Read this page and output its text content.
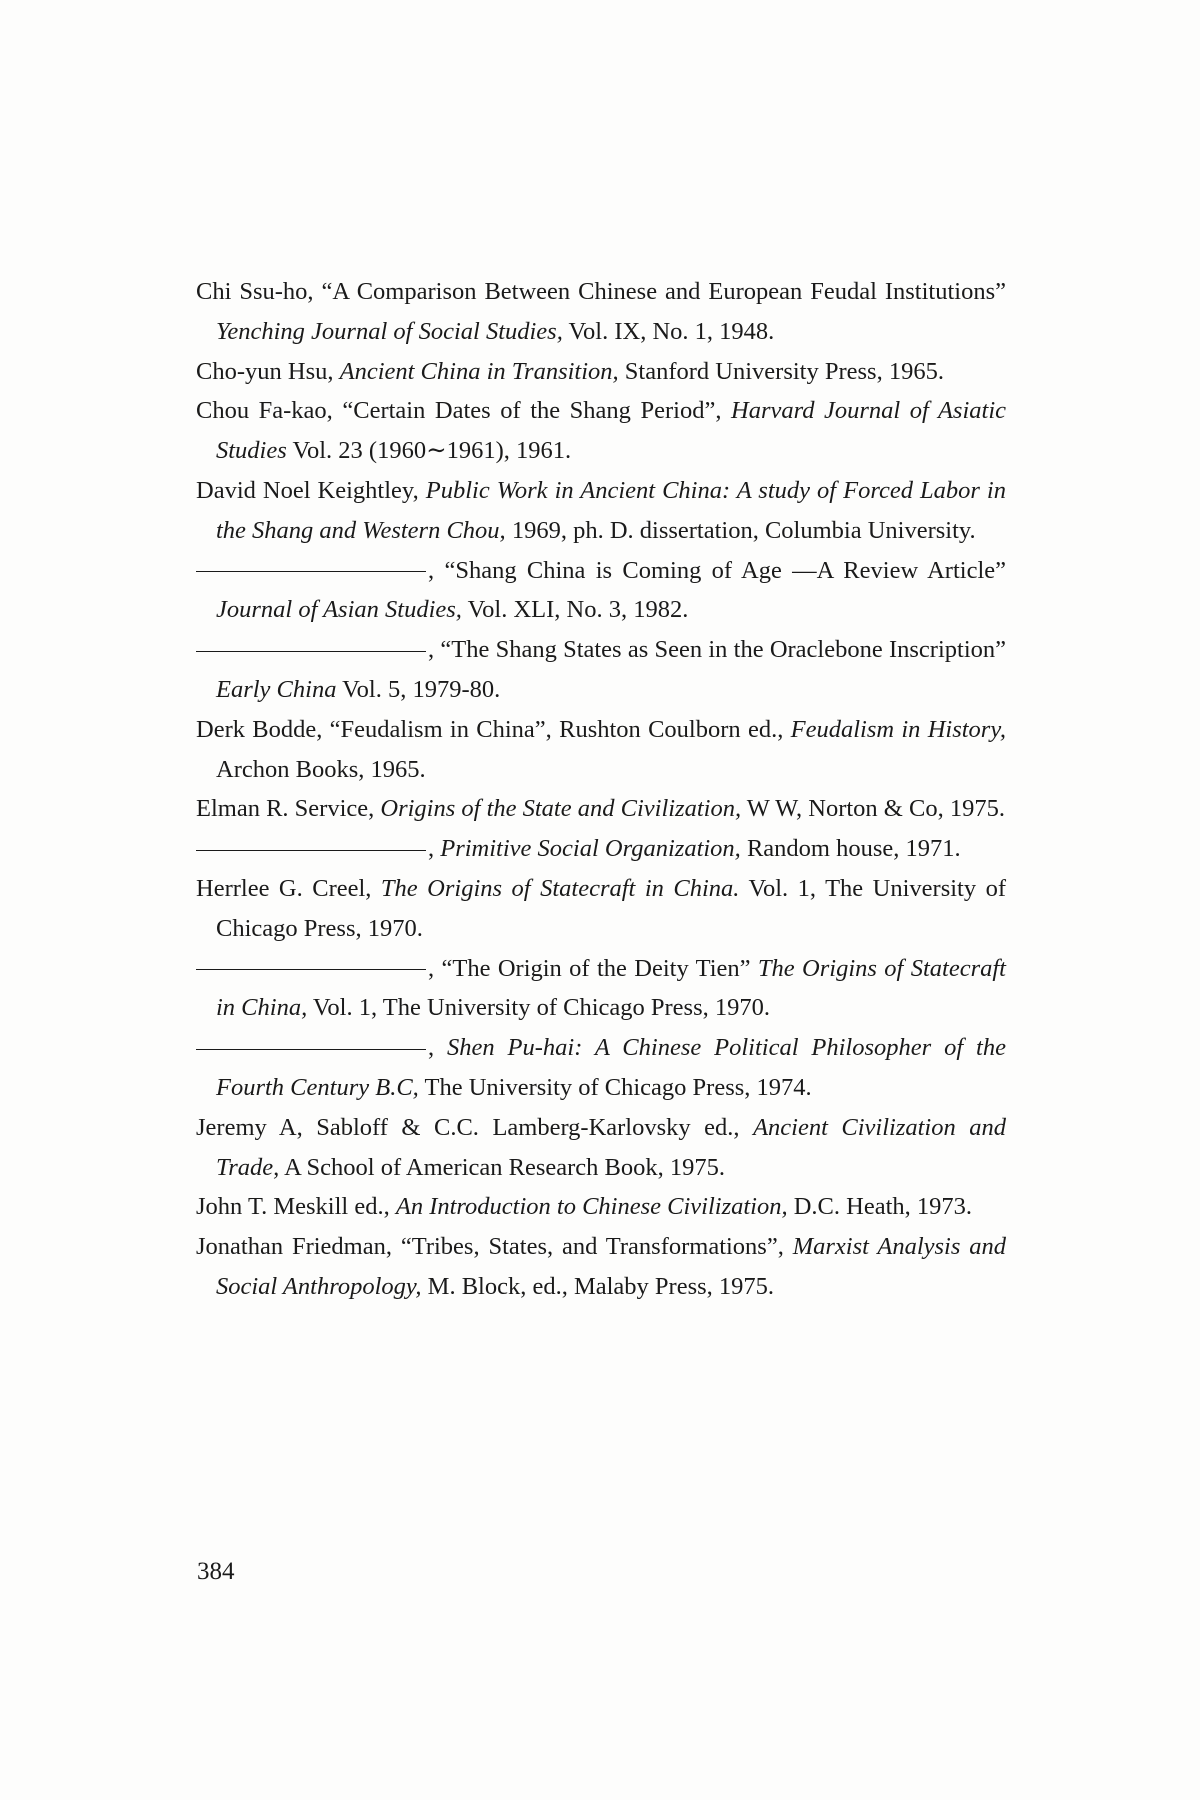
Chi Ssu-ho, “A Comparison Between Chinese and European Feudal Institutions” Yenching Journal of Social Studies, Vol. IX, No. 1, 1948.
Cho-yun Hsu, Ancient China in Transition, Stanford University Press, 1965.
Chou Fa-kao, “Certain Dates of the Shang Period”, Harvard Journal of Asiatic Studies Vol. 23 (1960∼1961), 1961.
David Noel Keightley, Public Work in Ancient China: A study of Forced Labor in the Shang and Western Chou, 1969, ph. D. dissertation, Columbia University.
, “Shang China is Coming of Age —A Review Article” Journal of Asian Studies, Vol. XLI, No. 3, 1982.
, “The Shang States as Seen in the Oraclebone Inscription” Early China Vol. 5, 1979-80.
Derk Bodde, “Feudalism in China”, Rushton Coulborn ed., Feudalism in History, Archon Books, 1965.
Elman R. Service, Origins of the State and Civilization, W W, Norton & Co, 1975.
, Primitive Social Organization, Random house, 1971.
Herrlee G. Creel, The Origins of Statecraft in China. Vol. 1, The University of Chicago Press, 1970.
, “The Origin of the Deity Tien” The Origins of Statecraft in China, Vol. 1, The University of Chicago Press, 1970.
, Shen Pu-hai: A Chinese Political Philosopher of the Fourth Century B.C, The University of Chicago Press, 1974.
Jeremy A, Sabloff & C.C. Lamberg-Karlovsky ed., Ancient Civilization and Trade, A School of American Research Book, 1975.
John T. Meskill ed., An Introduction to Chinese Civilization, D.C. Heath, 1973.
Jonathan Friedman, “Tribes, States, and Transformations”, Marxist Analysis and Social Anthropology, M. Block, ed., Malaby Press, 1975.
384
